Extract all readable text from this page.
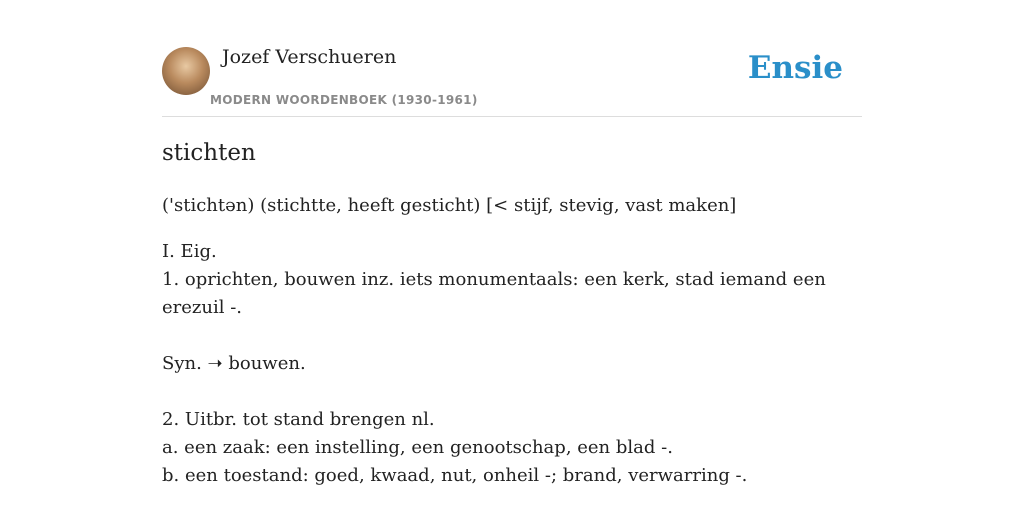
Jozef Verschueren
MODERN WOORDENBOEK (1930-1961)
Ensie
stichten
('stichtən) (stichtte, heeft gesticht) [< stijf, stevig, vast maken]
I. Eig.
1. oprichten, bouwen inz. iets monumentaals: een kerk, stad iemand een erezuil -.
Syn. ➝ bouwen.
2. Uitbr. tot stand brengen nl.
a. een zaak: een instelling, een genootschap, een blad -.
b. een toestand: goed, kwaad, nut, onheil -; brand, verwarring -.
